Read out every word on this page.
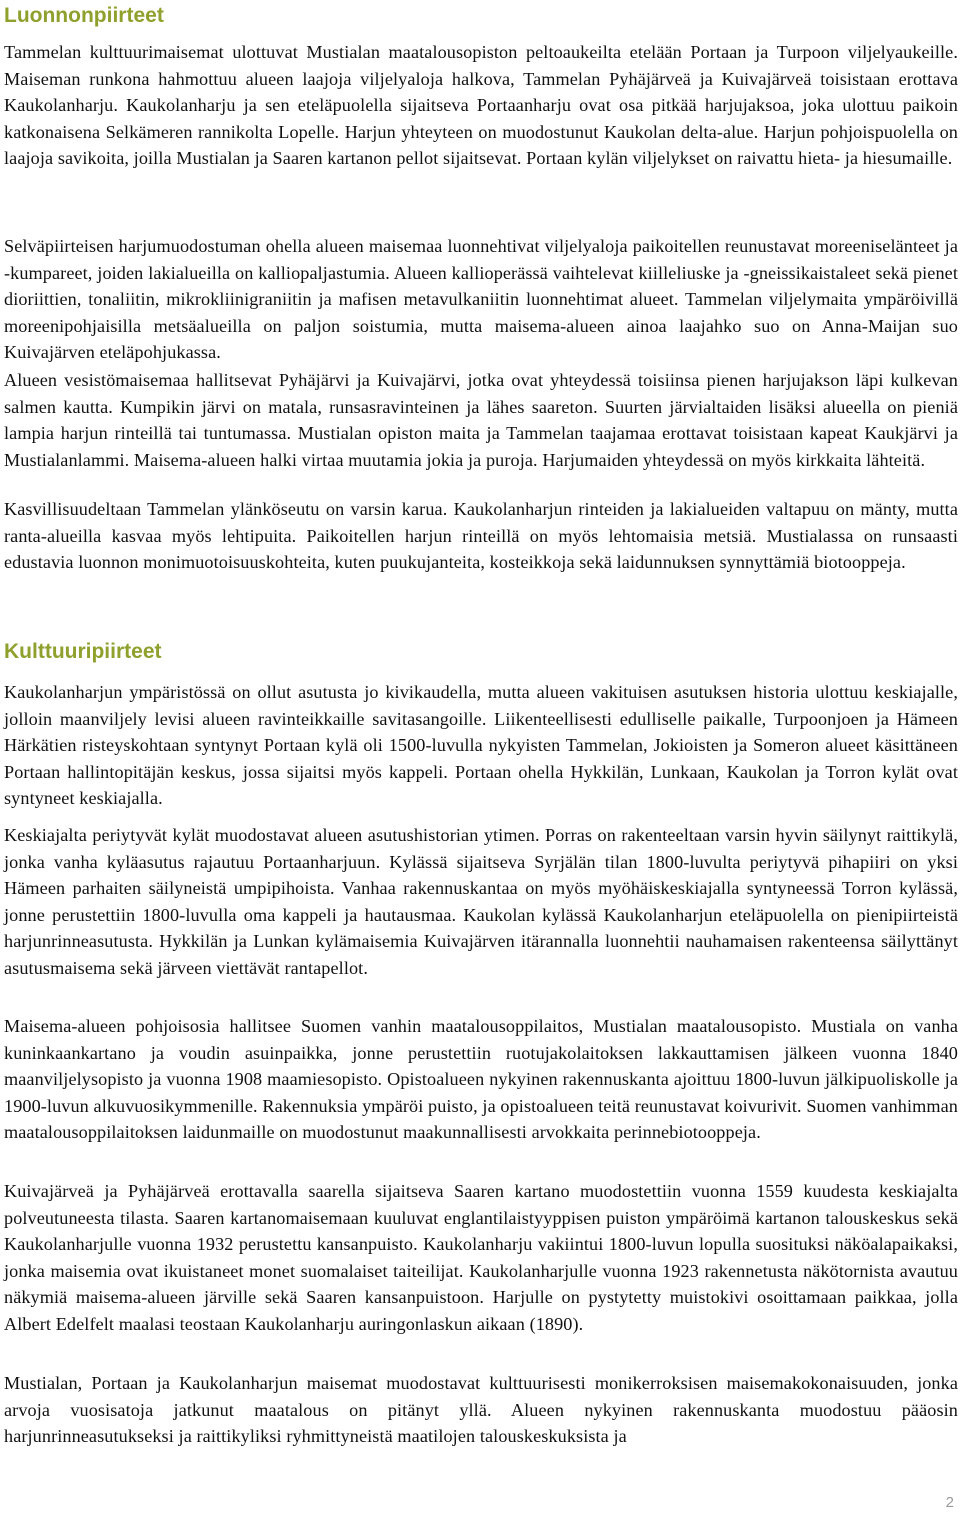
Luonnonpiirteet

Tammelan kulttuurimaisemat ulottuvat Mustialan maatalousopiston peltoaukeilta etelään Portaan ja Turpoon viljelyaukeille. Maiseman runkona hahmottuu alueen laajoja viljelyaloja halkova, Tammelan Pyhäjärveä ja Kuivajärveä toisistaan erottava Kaukolanharju. Kaukolanharju ja sen eteläpuolella sijaitseva Portaanharju ovat osa pitkää harjujaksoa, joka ulottuu paikoin katkonaisena Selkämeren rannikolta Lopelle. Harjun yhteyteen on muodostunut Kaukolan delta-alue. Harjun pohjoispuolella on laajoja savikoita, joilla Mustialan ja Saaren kartanon pellot sijaitsevat. Portaan kylän viljelykset on raivattu hieta- ja hiesumaille.

Selväpiirteisen harjumuodostuman ohella alueen maisemaa luonnehtivat viljelyaloja paikoitellen reunustavat moreeniselänteet ja -kumpareet, joiden lakialueilla on kalliopaljastumia. Alueen kallioperässä vaihtelevat kiilleliuske ja -gneissikaistaleet sekä pienet dioriittien, tonaliitin, mikrokliinigraniitin ja mafisen metavulkaniitin luonnehtimat alueet. Tammelan viljelymaita ympäröivillä moreenipohjaisilla metsäalueilla on paljon soistumia, mutta maisema-alueen ainoa laajahko suo on Anna-Maijan suo Kuivajärven eteläpohjukassa.

Alueen vesistömaisemaa hallitsevat Pyhäjärvi ja Kuivajärvi, jotka ovat yhteydessä toisiinsa pienen harjujakson läpi kulkevan salmen kautta. Kumpikin järvi on matala, runsasravinteinen ja lähes saareton. Suurten järvialtaiden lisäksi alueella on pieniä lampia harjun rinteillä tai tuntumassa. Mustialan opiston maita ja Tammelan taajamaa erottavat toisistaan kapeat Kaukjärvi ja Mustialanlammi. Maisema-alueen halki virtaa muutamia jokia ja puroja. Harjumaiden yhteydessä on myös kirkkaita lähteitä.

Kasvillisuudeltaan Tammelan ylänköseutu on varsin karua. Kaukolanharjun rinteiden ja lakialueiden valtapuu on mänty, mutta ranta-alueilla kasvaa myös lehtipuita. Paikoitellen harjun rinteillä on myös lehtomaisia metsiä. Mustialassa on runsaasti edustavia luonnon monimuotoisuuskohteita, kuten puukujanteita, kosteikkoja sekä laidunnuksen synnyttämiä biotooppeja.

Kulttuuripiirteet

Kaukolanharjun ympäristössä on ollut asutusta jo kivikaudella, mutta alueen vakituisen asutuksen historia ulottuu keskiajalle, jolloin maanviljely levisi alueen ravinteikkaille savitasangoille. Liikenteellisesti edulliselle paikalle, Turpoonjoen ja Hämeen Härkätien risteyskohtaan syntynyt Portaan kylä oli 1500-luvulla nykyisten Tammelan, Jokioisten ja Someron alueet käsittäneen Portaan hallintopitäjän keskus, jossa sijaitsi myös kappeli. Portaan ohella Hykkilän, Lunkaan, Kaukolan ja Torron kylät ovat syntyneet keskiajalla.

Keskiajalta periytyvät kylät muodostavat alueen asutushistorian ytimen. Porras on rakenteeltaan varsin hyvin säilynyt raittikylä, jonka vanha kyläasutus rajautuu Portaanharjuun. Kylässä sijaitseva Syrjälän tilan 1800-luvulta periytyvä pihapiiri on yksi Hämeen parhaiten säilyneistä umpipihoista. Vanhaa rakennuskantaa on myös myöhäiskeskiajalla syntyneessä Torron kylässä, jonne perustettiin 1800-luvulla oma kappeli ja hautausmaa. Kaukolan kylässä Kaukolanharjun eteläpuolella on pienipiirteistä harjunrinneasutusta. Hykkilän ja Lunkan kylämaisemia Kuivajärven itärannalla luonnehtii nauhamaisen rakenteensa säilyttänyt asutusmaisema sekä järveen viettävät rantapellot.

Maisema-alueen pohjoisosia hallitsee Suomen vanhin maatalousoppilaitos, Mustialan maatalousopisto. Mustiala on vanha kuninkaankartano ja voudin asuinpaikka, jonne perustettiin ruotujakolaitoksen lakkauttamisen jälkeen vuonna 1840 maanviljelysopisto ja vuonna 1908 maamiesopisto. Opistoalueen nykyinen rakennuskanta ajoittuu 1800-luvun jälkipuoliskolle ja 1900-luvun alkuvuosikymmenille. Rakennuksia ympäröi puisto, ja opistoalueen teitä reunustavat koivurivit. Suomen vanhimman maatalousoppilaitoksen laidunmaille on muodostunut maakunnallisesti arvokkaita perinnebiotooppeja.

Kuivajärveä ja Pyhäjärveä erottavalla saarella sijaitseva Saaren kartano muodostettiin vuonna 1559 kuudesta keskiajalta polveutuneesta tilasta. Saaren kartanomaisemaan kuuluvat englantilaistyyppisen puiston ympäröimä kartanon talouskeskus sekä Kaukolanharjulle vuonna 1932 perustettu kansanpuisto. Kaukolanharju vakiintui 1800-luvun lopulla suosituksi näköalapaikaksi, jonka maisemia ovat ikuistaneet monet suomalaiset taiteilijat. Kaukolanharjulle vuonna 1923 rakennetusta näkötornista avautuu näkymiä maisema-alueen järville sekä Saaren kansanpuistoon. Harjulle on pystytetty muistokivi osoittamaan paikkaa, jolla Albert Edelfelt maalasi teostaan Kaukolanharju auringonlaskun aikaan (1890).

Mustialan, Portaan ja Kaukolanharjun maisemat muodostavat kulttuurisesti monikerroksisen maisemakokonaisuuden, jonka arvoja vuosisatoja jatkunut maatalous on pitänyt yllä. Alueen nykyinen rakennuskanta muodostuu pääosin harjunrinneasutukseksi ja raittikyliksi ryhmittyneistä maatilojen talouskeskuksista ja

2
